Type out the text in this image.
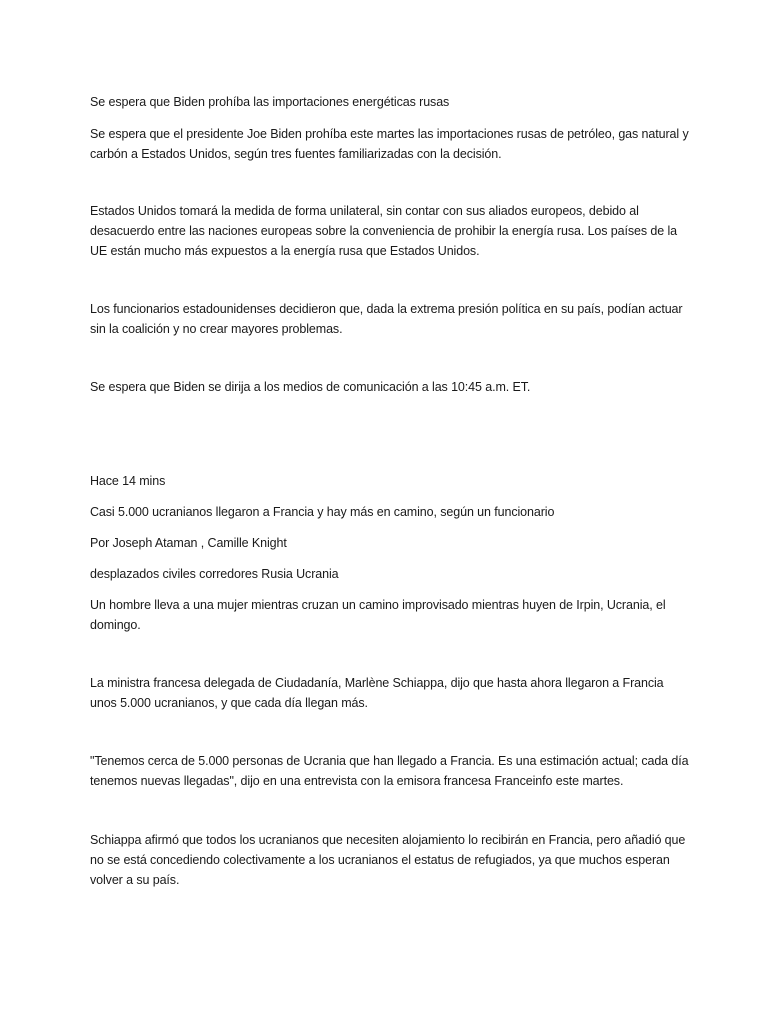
Se espera que Biden prohíba las importaciones energéticas rusas

Se espera que el presidente Joe Biden prohíba este martes las importaciones rusas de petróleo, gas natural y carbón a Estados Unidos, según tres fuentes familiarizadas con la decisión.

Estados Unidos tomará la medida de forma unilateral, sin contar con sus aliados europeos, debido al desacuerdo entre las naciones europeas sobre la conveniencia de prohibir la energía rusa. Los países de la UE están mucho más expuestos a la energía rusa que Estados Unidos.

Los funcionarios estadounidenses decidieron que, dada la extrema presión política en su país, podían actuar sin la coalición y no crear mayores problemas.

Se espera que Biden se dirija a los medios de comunicación a las 10:45 a.m. ET.

Hace 14 mins

Casi 5.000 ucranianos llegaron a Francia y hay más en camino, según un funcionario

Por Joseph Ataman , Camille Knight

desplazados civiles corredores Rusia Ucrania

Un hombre lleva a una mujer mientras cruzan un camino improvisado mientras huyen de Irpin, Ucrania, el domingo.

La ministra francesa delegada de Ciudadanía, Marlène Schiappa, dijo que hasta ahora llegaron a Francia unos 5.000 ucranianos, y que cada día llegan más.

"Tenemos cerca de 5.000 personas de Ucrania que han llegado a Francia. Es una estimación actual; cada día tenemos nuevas llegadas", dijo en una entrevista con la emisora francesa Franceinfo este martes.

Schiappa afirmó que todos los ucranianos que necesiten alojamiento lo recibirán en Francia, pero añadió que no se está concediendo colectivamente a los ucranianos el estatus de refugiados, ya que muchos esperan volver a su país.
